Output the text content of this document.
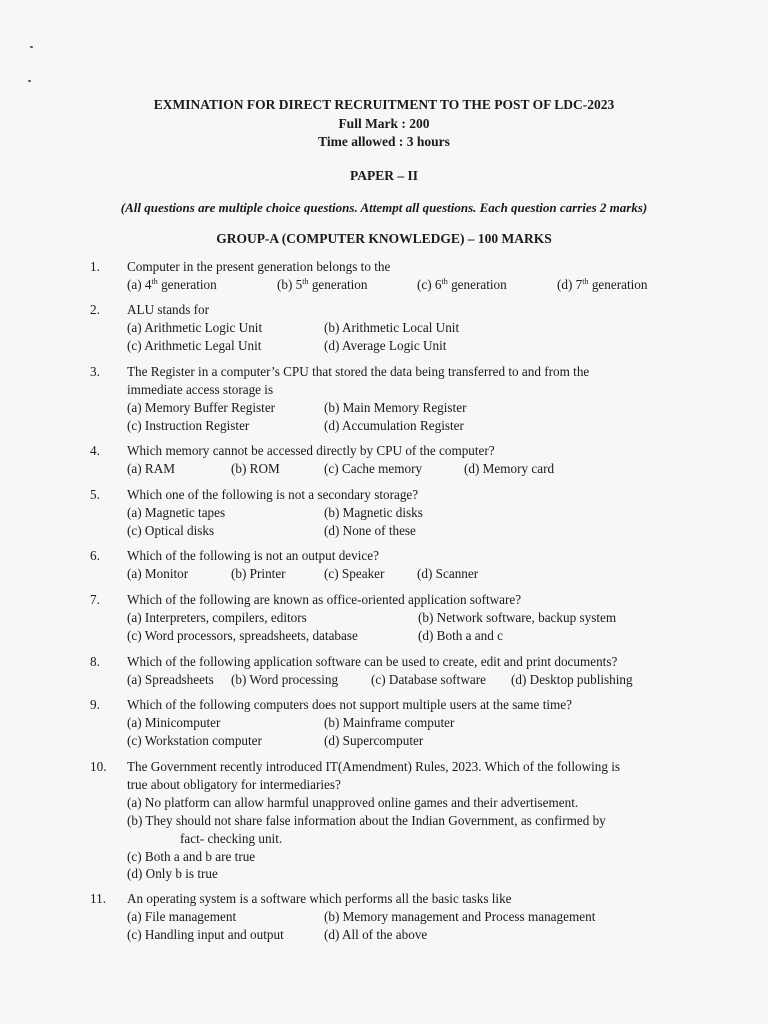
EXMINATION FOR DIRECT RECRUITMENT TO THE POST OF LDC-2023
Full Mark : 200
Time allowed : 3 hours
PAPER – II
(All questions are multiple choice questions. Attempt all questions. Each question carries 2 marks)
GROUP-A (COMPUTER KNOWLEDGE) – 100 MARKS
1. Computer in the present generation belongs to the
(a) 4th generation	(b) 5th generation	(c) 6th generation	(d) 7th generation
2. ALU stands for
(a) Arithmetic Logic Unit	(b) Arithmetic Local Unit
(c) Arithmetic Legal Unit	(d) Average Logic Unit
3. The Register in a computer’s CPU that stored the data being transferred to and from the
immediate access storage is
(a) Memory Buffer Register	(b) Main Memory Register
(c) Instruction Register	(d) Accumulation Register
4. Which memory cannot be accessed directly by CPU of the computer?
(a) RAM	(b) ROM	(c) Cache memory	(d) Memory card
5. Which one of the following is not a secondary storage?
(a) Magnetic tapes	(b) Magnetic disks
(c) Optical disks	(d) None of these
6. Which of the following is not an output device?
(a) Monitor	(b) Printer	(c) Speaker (d) Scanner
7. Which of the following are known as office-oriented application software?
(a) Interpreters, compilers, editors	(b) Network software, backup system
(c) Word processors, spreadsheets, database	(d) Both a and c
8. Which of the following application software can be used to create, edit and print documents?
(a) Spreadsheets (b) Word processing (c) Database software (d) Desktop publishing
9. Which of the following computers does not support multiple users at the same time?
(a) Minicomputer	(b) Mainframe computer
(c) Workstation computer	(d) Supercomputer
10. The Government recently introduced IT(Amendment) Rules, 2023. Which of the following is
true about obligatory for intermediaries?
(a) No platform can allow harmful unapproved online games and their advertisement.
(b) They should not share false information about the Indian Government, as confirmed by
fact- checking unit.
(c) Both a and b are true
(d) Only b is true
11. An operating system is a software which performs all the basic tasks like
(a) File management	(b) Memory management and Process management
(c) Handling input and output	(d) All of the above
